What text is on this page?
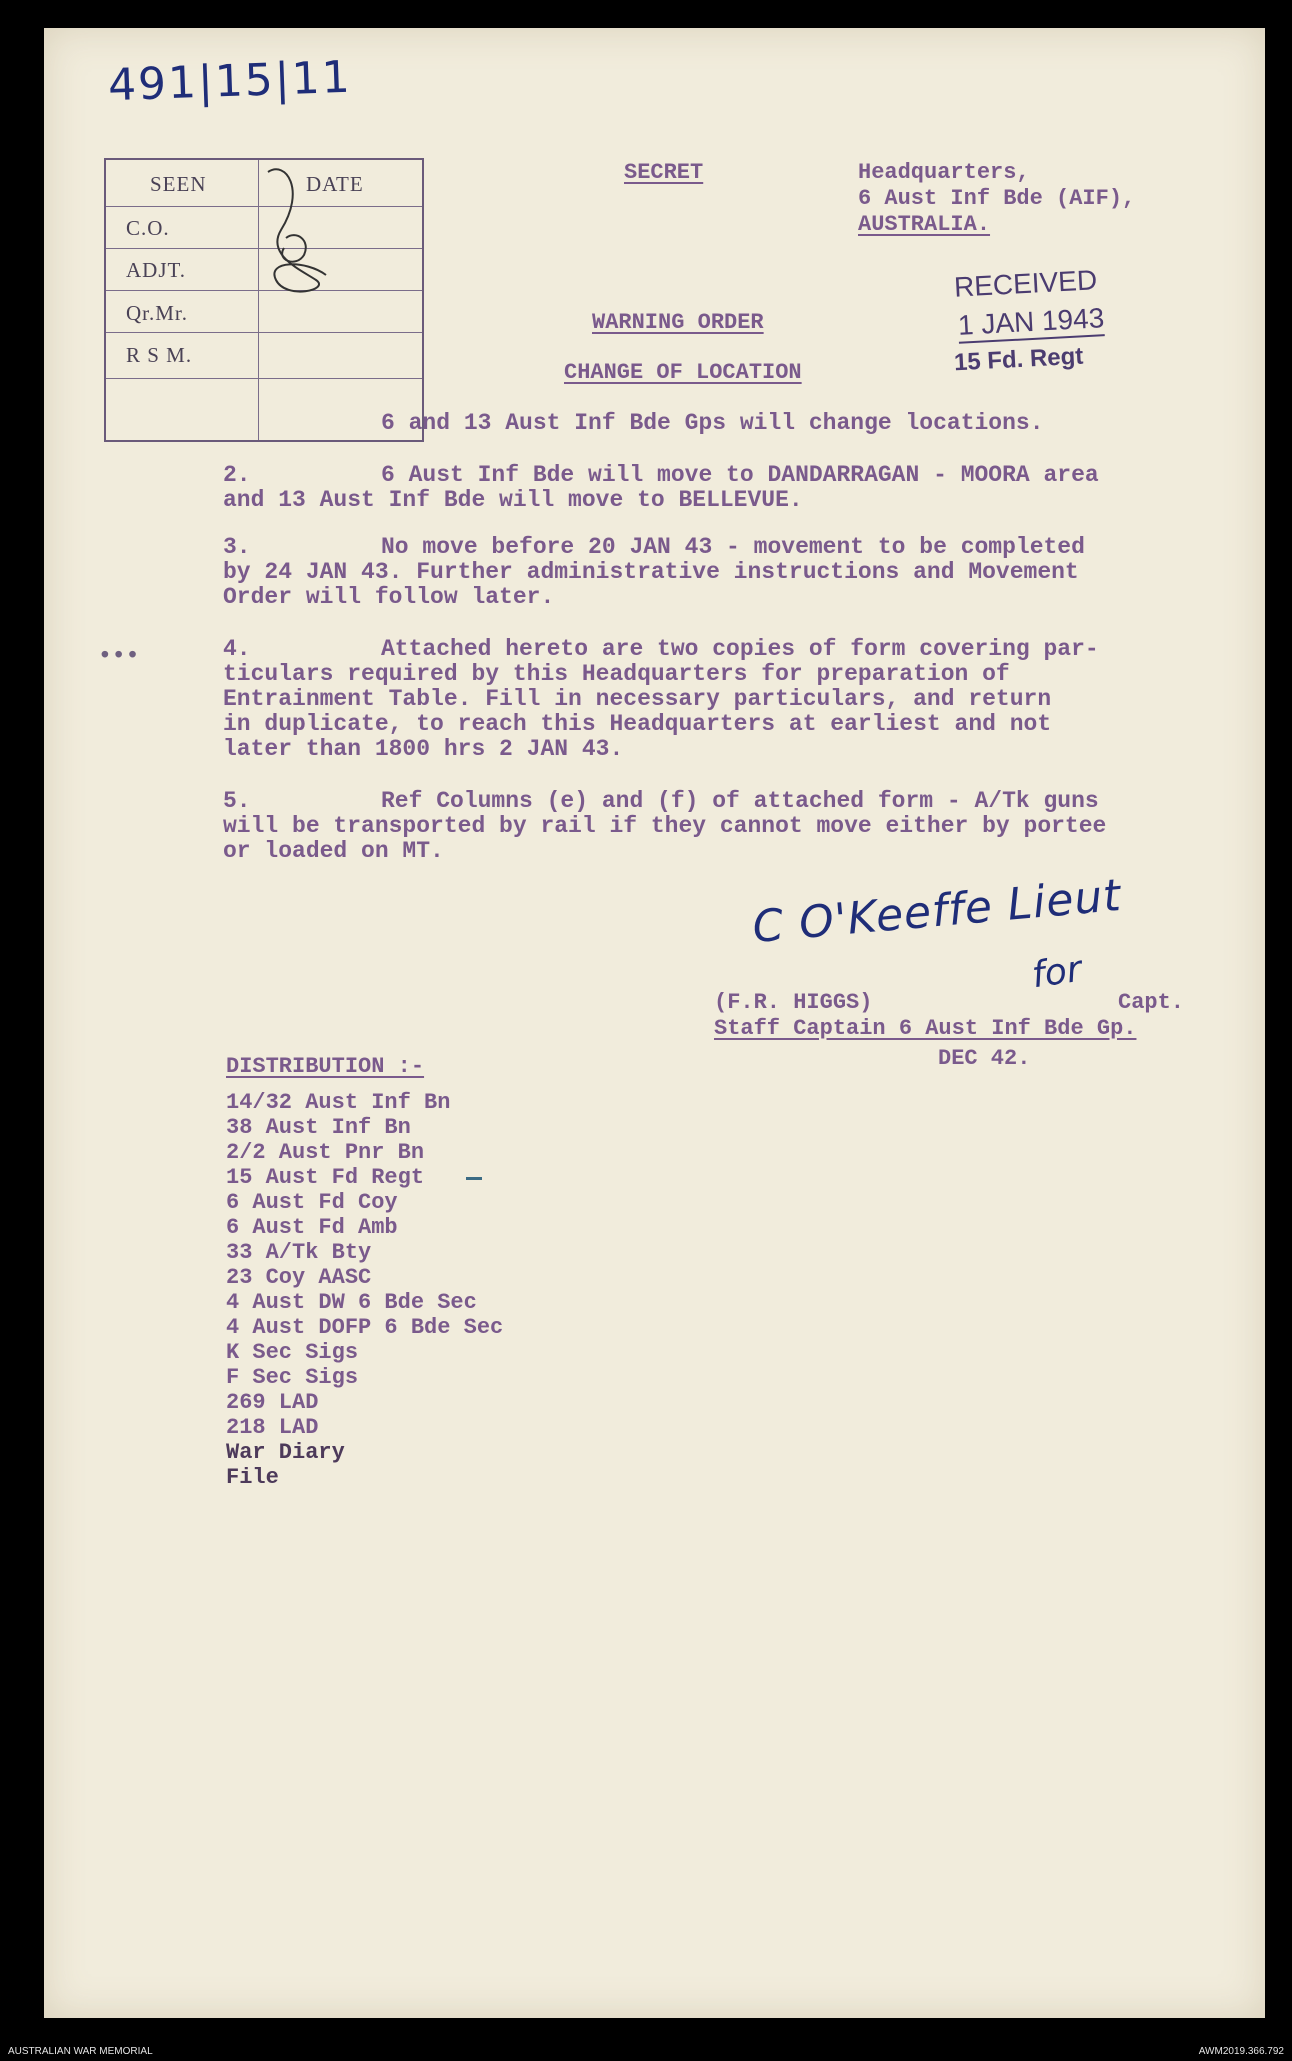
491|15|11
SEEN	DATE
C.O.
ADJT.
Qr.Mr.
R S M.
SECRET	Headquarters,
6 Aust Inf Bde (AIF),
AUSTRALIA.
RECEIVED
1 JAN 1943
15 Fd. Regt
WARNING ORDER
CHANGE OF LOCATION
6 and 13 Aust Inf Bde Gps will change locations.
2.	6 Aust Inf Bde will move to DANDARRAGAN - MOORA area
and 13 Aust Inf Bde will move to BELLEVUE.
3.	No move before 20 JAN 43 - movement to be completed
by 24 JAN 43. Further administrative instructions and Movement
Order will follow later.
•••	4.	Attached hereto are two copies of form covering par-
ticulars required by this Headquarters for preparation of
Entrainment Table. Fill in necessary particulars, and return
in duplicate, to reach this Headquarters at earliest and not
later than 1800 hrs 2 JAN 43.
5.	Ref Columns (e) and (f) of attached form - A/Tk guns
will be transported by rail if they cannot move either by portee
or loaded on MT.
C O'Keeffe Lieut
for
(F.R. HIGGS)	Capt.
Staff Captain 6 Aust Inf Bde Gp.
DEC 42.
DISTRIBUTION :-
14/32 Aust Inf Bn
38 Aust Inf Bn
2/2 Aust Pnr Bn
15 Aust Fd Regt
6 Aust Fd Coy
6 Aust Fd Amb
33 A/Tk Bty
23 Coy AASC
4 Aust DW 6 Bde Sec
4 Aust DOFP 6 Bde Sec
K Sec Sigs
F Sec Sigs
269 LAD
218 LAD
War Diary
File
AUSTRALIAN WAR MEMORIAL	AWM2019.366.792
